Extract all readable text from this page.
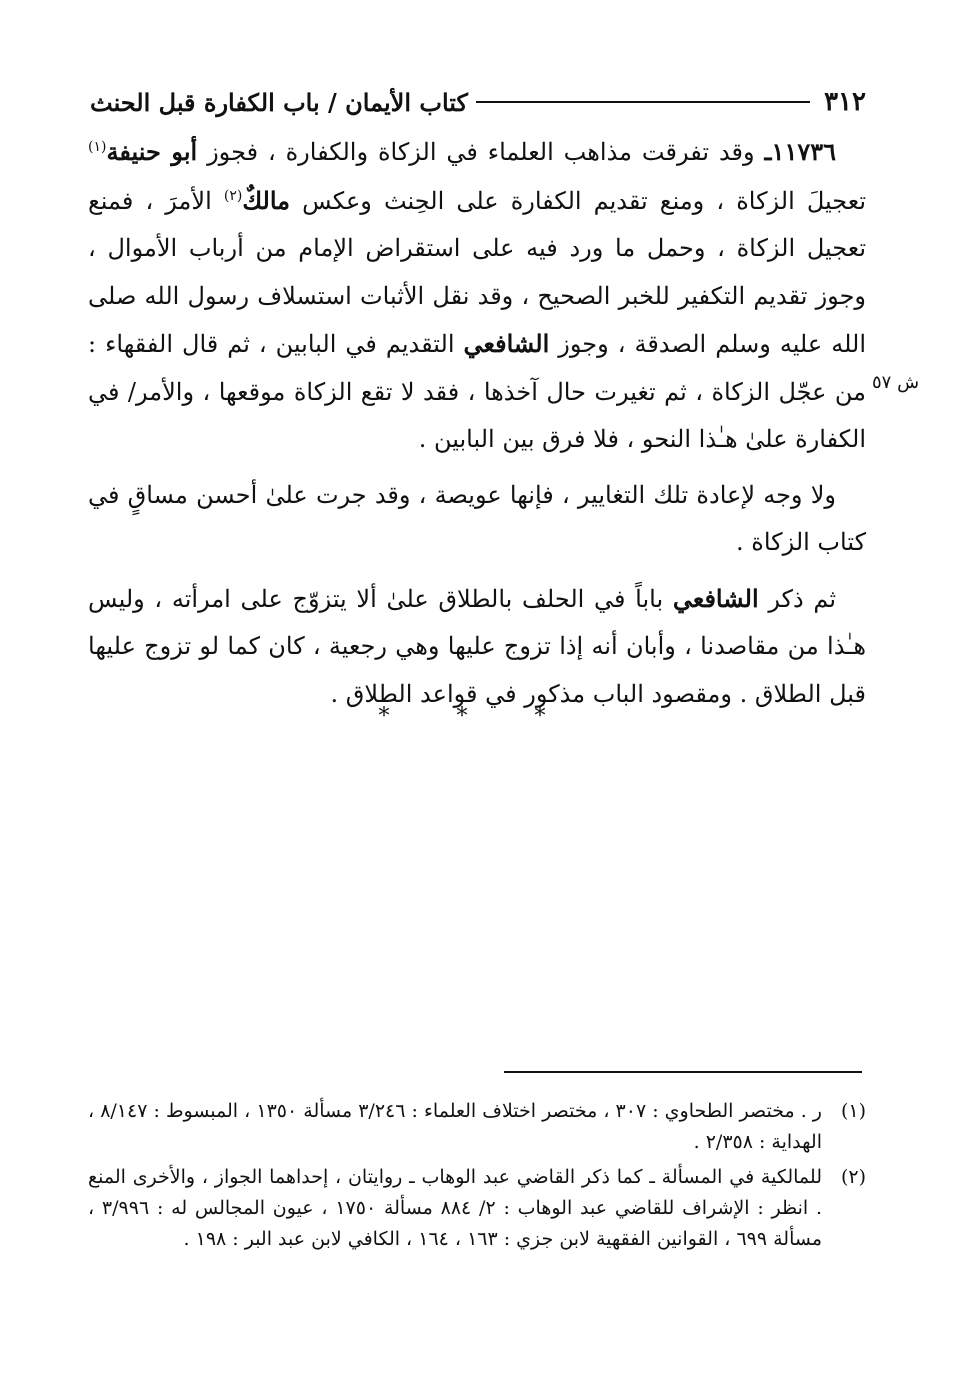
٣١٢
كتاب الأيمان / باب الكفارة قبل الحنث
ش ٥٧

١١٧٣٦ـ وقد تفرقت مذاهب العلماء في الزكاة والكفارة ، فجوز أبو حنيفة$^{(١)}$ تعجيلَ الزكاة ، ومنع تقديم الكفارة على الحِنث وعكس مالكٌ$^{(٢)}$ الأمرَ ، فمنع تعجيل الزكاة ، وحمل ما ورد فيه على استقراض الإمام من أرباب الأموال ، وجوز تقديم التكفير للخبر الصحيح ، وقد نقل الأثبات استسلاف رسول الله صلى الله عليه وسلم الصدقة ، وجوز الشافعي التقديم في البابين ، ثم قال الفقهاء : من عجّل الزكاة ، ثم تغيرت حال آخذها ، فقد لا تقع الزكاة موقعها ، والأمر/ في الكفارة علىٰ هـٰذا النحو ، فلا فرق بين البابين .

ولا وجه لإعادة تلك التغايير ، فإنها عويصة ، وقد جرت علىٰ أحسن مساقٍ في كتاب الزكاة .

ثم ذكر الشافعي باباً في الحلف بالطلاق علىٰ ألا يتزوّج على امرأته ، وليس هـٰذا من مقاصدنا ، وأبان أنه إذا تزوج عليها وهي رجعية ، كان كما لو تزوج عليها قبل الطلاق . ومقصود الباب مذكور في قواعد الطلاق .

* * *
(١)
ر . مختصر الطحاوي : ٣٠٧ ، مختصر اختلاف العلماء : ٣/٢٤٦ مسألة ١٣٥٠ ، المبسوط : ٨/١٤٧ ، الهداية : ٢/٣٥٨ .
(٢)
للمالكية في المسألة ـ كما ذكر القاضي عبد الوهاب ـ روايتان ، إحداهما الجواز ، والأخرى المنع . انظر : الإشراف للقاضي عبد الوهاب : ٢/ ٨٨٤ مسألة ١٧٥٠ ، عيون المجالس له : ٣/٩٩٦ ، مسألة ٦٩٩ ، القوانين الفقهية لابن جزي : ١٦٣ ، ١٦٤ ، الكافي لابن عبد البر : ١٩٨ .
